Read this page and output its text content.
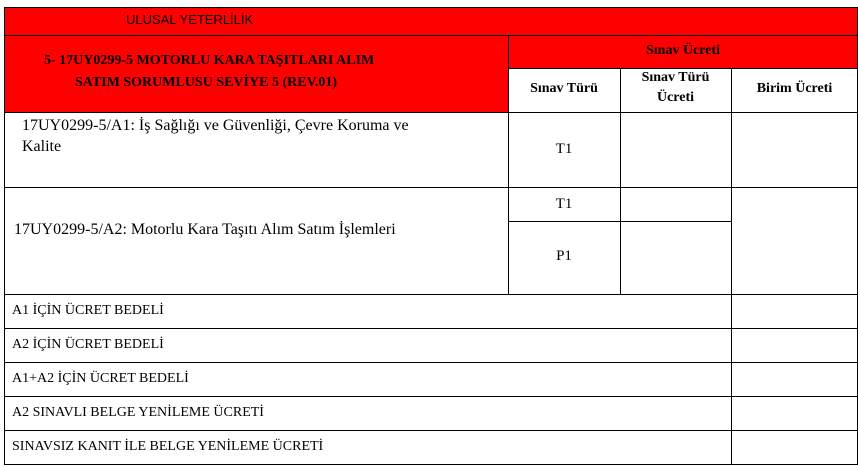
ULUSAL YETERLİLİK
5- 17UY0299-5 MOTORLU KARA TAŞITLARI ALIM
SATIM SORUMLUSU SEVİYE 5 (REV.01)
Sınav Ücreti
Sınav Türü
Sınav Türü
Ücreti
Birim Ücreti
17UY0299-5/A1: İş Sağlığı ve Güvenliği, Çevre Koruma ve
Kalite	T1
17UY0299-5/A2: Motorlu Kara Taşıtı Alım Satım İşlemleri
T1
P1
A1 İÇİN ÜCRET BEDELİ
A2 İÇİN ÜCRET BEDELİ
A1+A2 İÇİN ÜCRET BEDELİ
A2 SINAVLI BELGE YENİLEME ÜCRETİ
SINAVSIZ KANIT İLE BELGE YENİLEME ÜCRETİ
